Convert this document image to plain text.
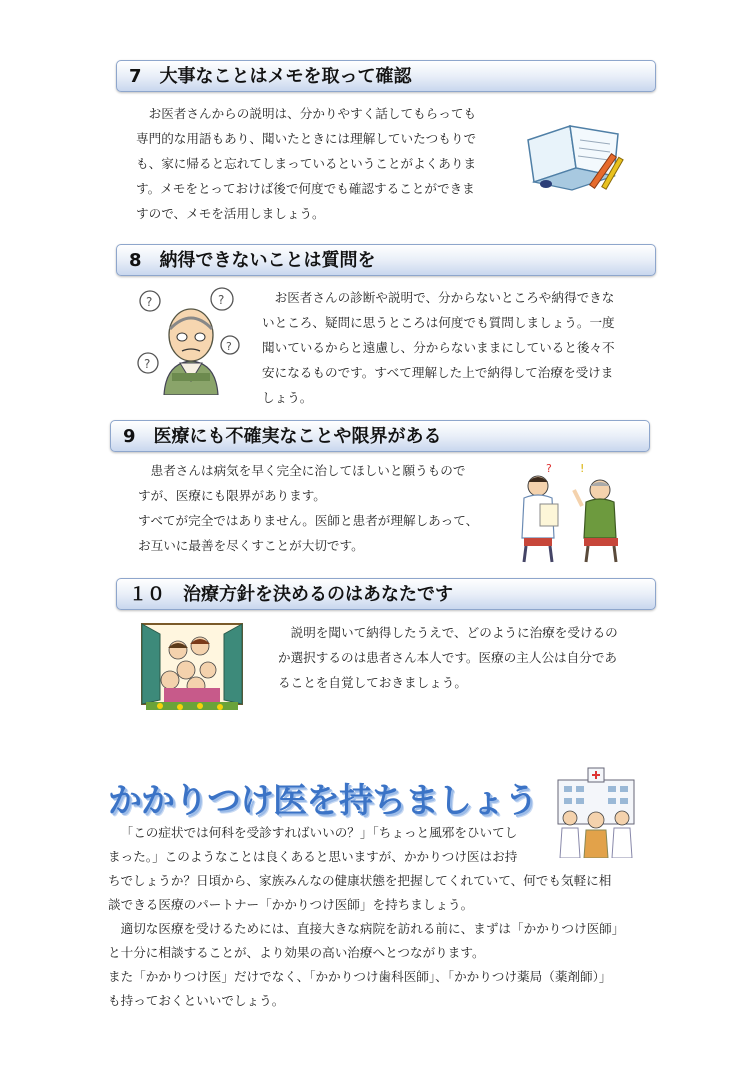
7 大事なことはメモを取って確認

お医者さんからの説明は、分かりやすく話してもらっても
専門的な用語もあり、聞いたときには理解していたつもりで
も、家に帰ると忘れてしまっているということがよくありま
す。メモをとっておけば後で何度でも確認することができま
すので、メモを活用しましょう。

8 納得できないことは質問を
?	?
?
?

お医者さんの診断や説明で、分からないところや納得できな
いところ、疑問に思うところは何度でも質問しましょう。一度
聞いているからと遠慮し、分からないままにしていると後々不
安になるものです。すべて理解した上で納得して治療を受けま
しょう。

9 医療にも不確実なことや限界がある

患者さんは病気を早く完全に治してほしいと願うもので
すが、医療にも限界があります。
すべてが完全ではありません。医師と患者が理解しあって、
お互いに最善を尽くすことが大切です。

?	!
１０ 治療方針を決めるのはあなたです

説明を聞いて納得したうえで、どのように治療を受けるの
か選択するのは患者さん本人です。医療の主人公は自分であ
ることを自覚しておきましょう。

かかりつけ医を持ちましょう

「この症状では何科を受診すればいいの？」「ちょっと風邪をひいてし
まった。」このようなことは良くあると思いますが、かかりつけ医はお持
ちでしょうか？日頃から、家族みんなの健康状態を把握してくれていて、何でも気軽に相
談できる医療のパートナー「かかりつけ医師」を持ちましょう。
適切な医療を受けるためには、直接大きな病院を訪れる前に、まずは「かかりつけ医師」
と十分に相談することが、より効果の高い治療へとつながります。
また「かかりつけ医」だけでなく、「かかりつけ歯科医師」、「かかりつけ薬局（薬剤師）」
も持っておくといいでしょう。
